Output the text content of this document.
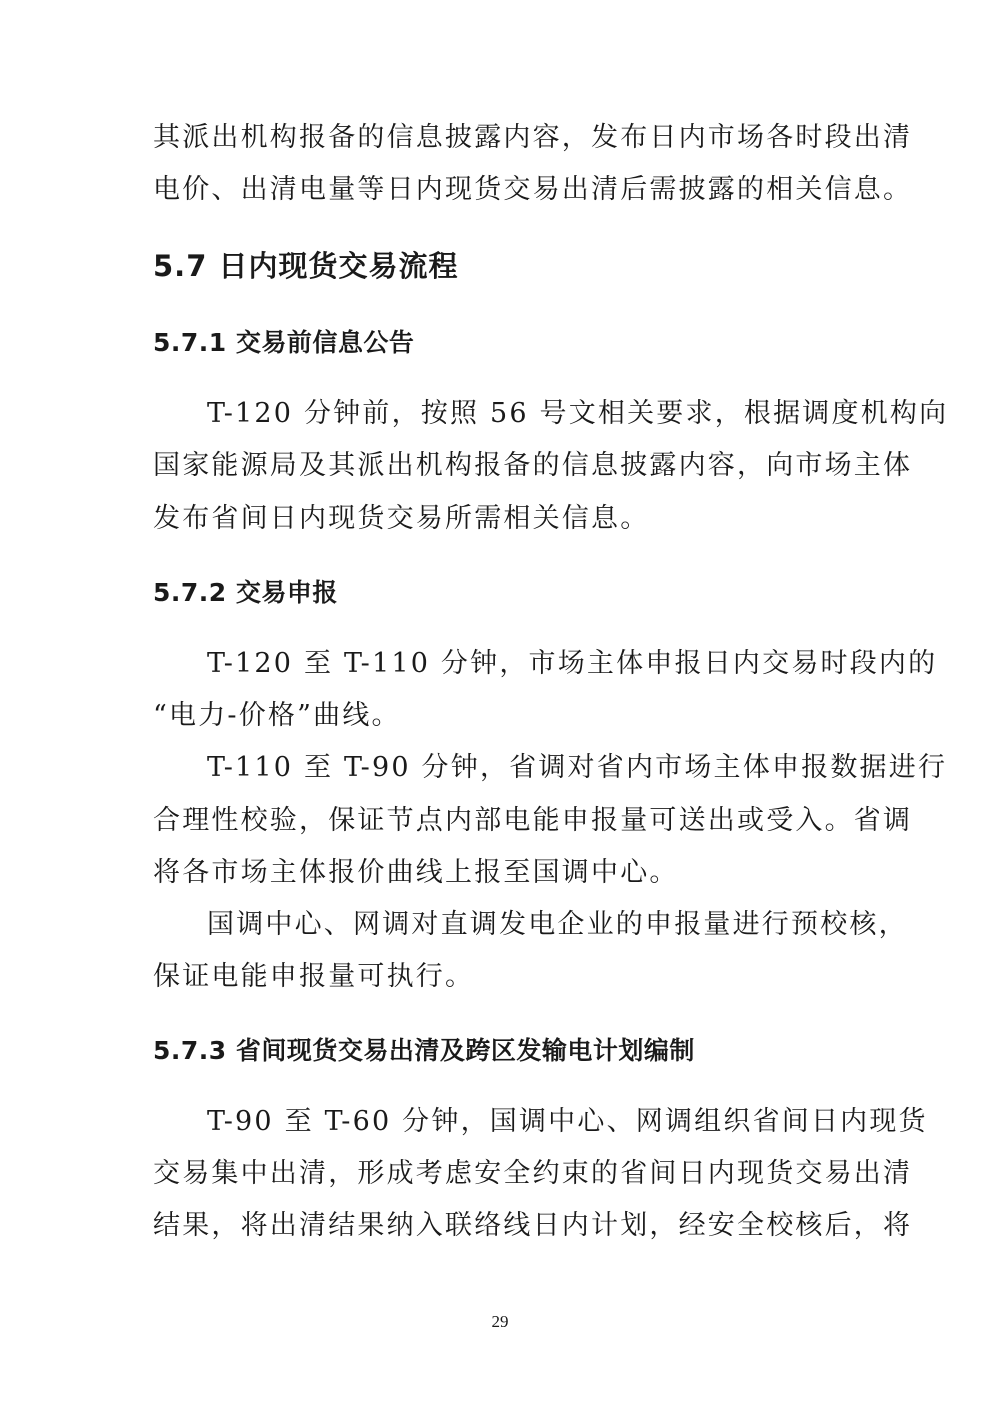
其派出机构报备的信息披露内容，发布日内市场各时段出清
电价、出清电量等日内现货交易出清后需披露的相关信息。
5.7 日内现货交易流程
5.7.1 交易前信息公告
T-120 分钟前，按照 56 号文相关要求，根据调度机构向
国家能源局及其派出机构报备的信息披露内容，向市场主体
发布省间日内现货交易所需相关信息。
5.7.2 交易申报
T-120 至 T-110 分钟，市场主体申报日内交易时段内的
“电力-价格”曲线。
T-110 至 T-90 分钟，省调对省内市场主体申报数据进行
合理性校验，保证节点内部电能申报量可送出或受入。省调
将各市场主体报价曲线上报至国调中心。
国调中心、网调对直调发电企业的申报量进行预校核，
保证电能申报量可执行。
5.7.3 省间现货交易出清及跨区发输电计划编制
T-90 至 T-60 分钟，国调中心、网调组织省间日内现货
交易集中出清，形成考虑安全约束的省间日内现货交易出清
结果，将出清结果纳入联络线日内计划，经安全校核后，将
29
